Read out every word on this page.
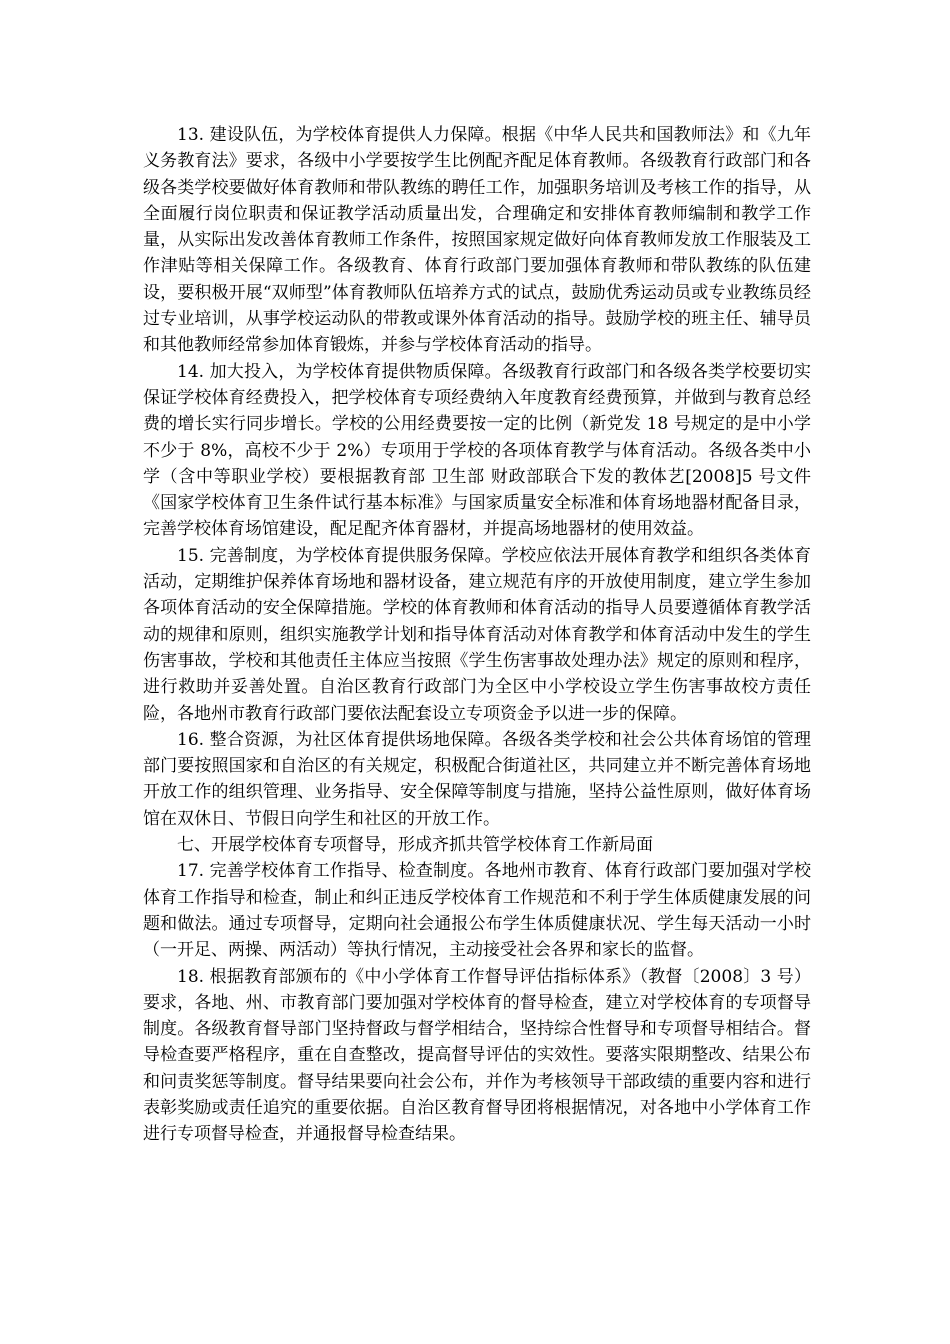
13. 建设队伍，为学校体育提供人力保障。根据《中华人民共和国教师法》和《九年义务教育法》要求，各级中小学要按学生比例配齐配足体育教师。各级教育行政部门和各级各类学校要做好体育教师和带队教练的聘任工作，加强职务培训及考核工作的指导，从全面履行岗位职责和保证教学活动质量出发，合理确定和安排体育教师编制和教学工作量，从实际出发改善体育教师工作条件，按照国家规定做好向体育教师发放工作服装及工作津贴等相关保障工作。各级教育、体育行政部门要加强体育教师和带队教练的队伍建设，要积极开展“双师型”体育教师队伍培养方式的试点，鼓励优秀运动员或专业教练员经过专业培训，从事学校运动队的带教或课外体育活动的指导。鼓励学校的班主任、辅导员和其他教师经常参加体育锻炼，并参与学校体育活动的指导。

14. 加大投入，为学校体育提供物质保障。各级教育行政部门和各级各类学校要切实保证学校体育经费投入，把学校体育专项经费纳入年度教育经费预算，并做到与教育总经费的增长实行同步增长。学校的公用经费要按一定的比例（新党发 18 号规定的是中小学不少于 8%，高校不少于 2%）专项用于学校的各项体育教学与体育活动。各级各类中小学（含中等职业学校）要根据教育部 卫生部 财政部联合下发的教体艺[2008]5 号文件《国家学校体育卫生条件试行基本标准》与国家质量安全标准和体育场地器材配备目录，完善学校体育场馆建设，配足配齐体育器材，并提高场地器材的使用效益。

15. 完善制度，为学校体育提供服务保障。学校应依法开展体育教学和组织各类体育活动，定期维护保养体育场地和器材设备，建立规范有序的开放使用制度，建立学生参加各项体育活动的安全保障措施。学校的体育教师和体育活动的指导人员要遵循体育教学活动的规律和原则，组织实施教学计划和指导体育活动对体育教学和体育活动中发生的学生伤害事故，学校和其他责任主体应当按照《学生伤害事故处理办法》规定的原则和程序，进行救助并妥善处置。自治区教育行政部门为全区中小学校设立学生伤害事故校方责任险，各地州市教育行政部门要依法配套设立专项资金予以进一步的保障。

16. 整合资源，为社区体育提供场地保障。各级各类学校和社会公共体育场馆的管理部门要按照国家和自治区的有关规定，积极配合街道社区，共同建立并不断完善体育场地开放工作的组织管理、业务指导、安全保障等制度与措施，坚持公益性原则，做好体育场馆在双休日、节假日向学生和社区的开放工作。

七、开展学校体育专项督导，形成齐抓共管学校体育工作新局面

17. 完善学校体育工作指导、检查制度。各地州市教育、体育行政部门要加强对学校体育工作指导和检查，制止和纠正违反学校体育工作规范和不利于学生体质健康发展的问题和做法。通过专项督导，定期向社会通报公布学生体质健康状况、学生每天活动一小时（一开足、两操、两活动）等执行情况，主动接受社会各界和家长的监督。

18. 根据教育部颁布的《中小学体育工作督导评估指标体系》（教督〔2008〕3 号）要求，各地、州、市教育部门要加强对学校体育的督导检查，建立对学校体育的专项督导制度。各级教育督导部门坚持督政与督学相结合，坚持综合性督导和专项督导相结合。督导检查要严格程序，重在自查整改，提高督导评估的实效性。要落实限期整改、结果公布和问责奖惩等制度。督导结果要向社会公布，并作为考核领导干部政绩的重要内容和进行表彰奖励或责任追究的重要依据。自治区教育督导团将根据情况，对各地中小学体育工作进行专项督导检查，并通报督导检查结果。
